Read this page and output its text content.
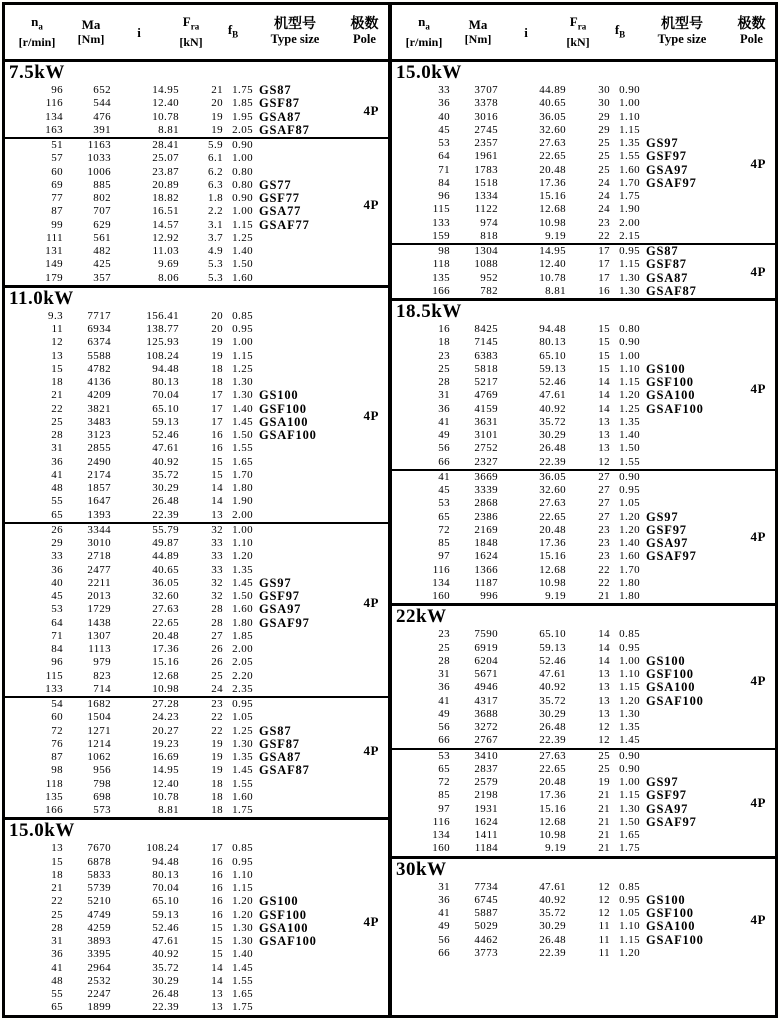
$n_a$
[r/min]
Ma
[Nm]	i
$F_{ra}$
[kN]
$f_B$
机型号
Type size
极数
Pole
7.5kW
96	652	14.95	21 1.75 GS87
116	544	12.40	20 1.85 GSF87
134	476	10.78	19 1.95 GSA87
163	391	8.81	19 2.05 GSAF87
4P
51	1163	28.41	5.9 0.90
57	1033	25.07	6.1 1.00
60	1006	23.87	6.2 0.80
69	885	20.89	6.3 0.80 GS77
77	802	18.82	1.8 0.90 GSF77
87	707	16.51	2.2 1.00 GSA77
99	629	14.57	3.1 1.15 GSAF77
111	561	12.92	3.7 1.25
131	482	11.03	4.9 1.40
149	425	9.69	5.3 1.50
179	357	8.06	5.3 1.60
4P
11.0kW
9.3	7717	156.41	20 0.85
11	6934	138.77	20 0.95
12	6374	125.93	19 1.00
13	5588	108.24	19 1.15
15	4782	94.48	18 1.25
18	4136	80.13	18 1.30
21	4209	70.04	17 1.30 GS100
22	3821	65.10	17 1.40 GSF100
25	3483	59.13	17 1.45 GSA100
28	3123	52.46	16 1.50 GSAF100
31	2855	47.61	16 1.55
36	2490	40.92	15 1.65
41	2174	35.72	15 1.70
48	1857	30.29	14 1.80
55	1647	26.48	14 1.90
65	1393	22.39	13 2.00
4P
26	3344	55.79	32 1.00
29	3010	49.87	33 1.10
33	2718	44.89	33 1.20
36	2477	40.65	33 1.35
40	2211	36.05	32 1.45 GS97
45	2013	32.60	32 1.50 GSF97
53	1729	27.63	28 1.60 GSA97
64	1438	22.65	28 1.80 GSAF97
71	1307	20.48	27 1.85
84	1113	17.36	26 2.00
96	979	15.16	26 2.05
115	823	12.68	25 2.20
133	714	10.98	24 2.35
4P
54	1682	27.28	23 0.95
60	1504	24.23	22 1.05
72	1271	20.27	22 1.25 GS87
76	1214	19.23	19 1.30 GSF87
87	1062	16.69	19 1.35 GSA87
98	956	14.95	19 1.45 GSAF87
118	798	12.40	18 1.55
135	698	10.78	18 1.60
166	573	8.81	18 1.75
4P
15.0kW
13	7670	108.24	17 0.85
15	6878	94.48	16 0.95
18	5833	80.13	16 1.10
21	5739	70.04	16 1.15
22	5210	65.10	16 1.20 GS100
25	4749	59.13	16 1.20 GSF100
28	4259	52.46	15 1.30 GSA100
31	3893	47.61	15 1.30 GSAF100
36	3395	40.92	15 1.40
41	2964	35.72	14 1.45
48	2532	30.29	14 1.55
55	2247	26.48	13 1.65
65	1899	22.39	13 1.75
4P
$n_a$
[r/min]
Ma
[Nm]	i
$F_{ra}$
[kN]
$f_B$
机型号
Type size
极数
Pole
15.0kW
33	3707	44.89	30 0.90
36	3378	40.65	30 1.00
40	3016	36.05	29 1.10
45	2745	32.60	29 1.15
53	2357	27.63	25 1.35 GS97
64	1961	22.65	25 1.55 GSF97
71	1783	20.48	25 1.60 GSA97
84	1518	17.36	24 1.70 GSAF97
96	1334	15.16	24 1.75
115	1122	12.68	24 1.90
133	974	10.98	23 2.00
159	818	9.19	22 2.15
4P
98	1304	14.95	17 0.95 GS87
118	1088	12.40	17 1.15 GSF87
135	952	10.78	17 1.30 GSA87
166	782	8.81	16 1.30 GSAF87
4P
18.5kW
16	8425	94.48	15 0.80
18	7145	80.13	15 0.90
23	6383	65.10	15 1.00
25	5818	59.13	15 1.10 GS100
28	5217	52.46	14 1.15 GSF100
31	4769	47.61	14 1.20 GSA100
36	4159	40.92	14 1.25 GSAF100
41	3631	35.72	13 1.35
49	3101	30.29	13 1.40
56	2752	26.48	13 1.50
66	2327	22.39	12 1.55
4P
41	3669	36.05	27 0.90
45	3339	32.60	27 0.95
53	2868	27.63	27 1.05
65	2386	22.65	27 1.20 GS97
72	2169	20.48	23 1.20 GSF97
85	1848	17.36	23 1.40 GSA97
97	1624	15.16	23 1.60 GSAF97
116	1366	12.68	22 1.70
134	1187	10.98	22 1.80
160	996	9.19	21 1.80
4P
22kW
23	7590	65.10	14 0.85
25	6919	59.13	14 0.95
28	6204	52.46	14 1.00 GS100
31	5671	47.61	13 1.10 GSF100
36	4946	40.92	13 1.15 GSA100
41	4317	35.72	13 1.20 GSAF100
49	3688	30.29	13 1.30
56	3272	26.48	12 1.35
66	2767	22.39	12 1.45
4P
53	3410	27.63	25 0.90
65	2837	22.65	25 0.90
72	2579	20.48	19 1.00 GS97
85	2198	17.36	21 1.15 GSF97
97	1931	15.16	21 1.30 GSA97
116	1624	12.68	21 1.50 GSAF97
134	1411	10.98	21 1.65
160	1184	9.19	21 1.75
4P
30kW
31	7734	47.61	12 0.85
36	6745	40.92	12 0.95 GS100
41	5887	35.72	12 1.05 GSF100
49	5029	30.29	11 1.10 GSA100
56	4462	26.48	11 1.15 GSAF100
66	3773	22.39	11 1.20
4P
